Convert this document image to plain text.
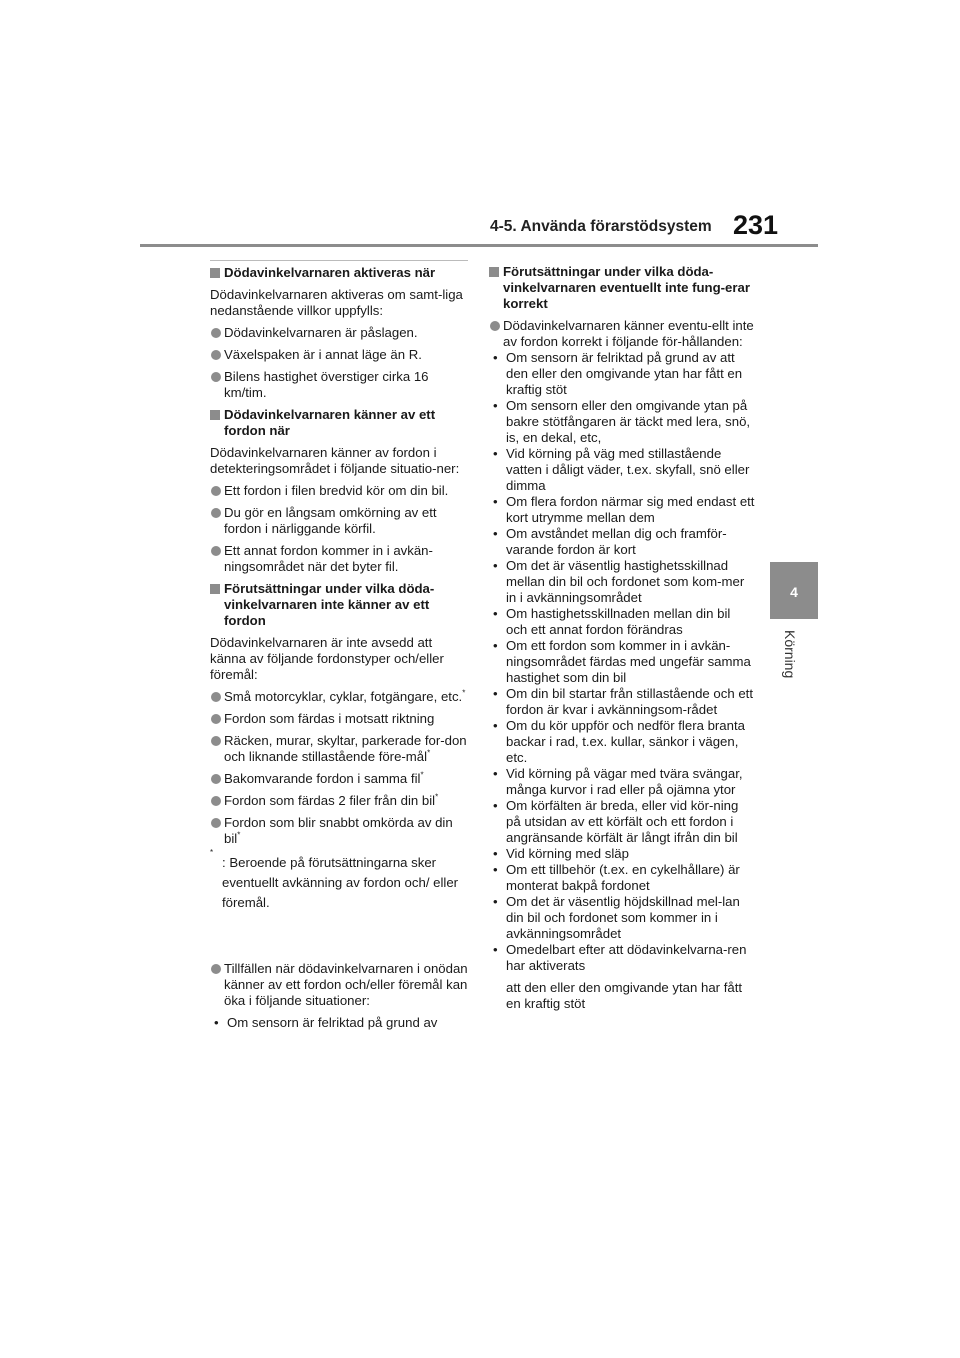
4-5. Använda förarstödsystem 231
4
Körning
Dödavinkelvarnaren aktiveras när

Dödavinkelvarnaren aktiveras om samt-liga nedanstående villkor uppfylls:

Dödavinkelvarnaren är påslagen.
Växelspaken är i annat läge än R.
Bilens hastighet överstiger cirka 16 km/tim.
Dödavinkelvarnaren känner av ett fordon när

Dödavinkelvarnaren känner av fordon i detekteringsområdet i följande situatio-ner:

Ett fordon i filen bredvid kör om din bil.
Du gör en långsam omkörning av ett fordon i närliggande körfil.
Ett annat fordon kommer in i avkän-ningsområdet när det byter fil.
Förutsättningar under vilka döda-vinkelvarnaren inte känner av ett fordon

Dödavinkelvarnaren är inte avsedd att känna av följande fordonstyper och/eller föremål:

Små motorcyklar, cyklar, fotgängare, etc.*
Fordon som färdas i motsatt riktning
Räcken, murar, skyltar, parkerade for-don och liknande stillastående före-mål*
Bakomvarande fordon i samma fil*
Fordon som färdas 2 filer från din bil*
Fordon som blir snabbt omkörda av din bil*
*
: Beroende på förutsättningarna sker eventuellt avkänning av fordon och/ eller föremål.
Tillfällen när dödavinkelvarnaren i onödan känner av ett fordon och/eller föremål kan öka i följande situationer:
• Om sensorn är felriktad på grund av
Förutsättningar under vilka döda-vinkelvarnaren eventuellt inte fung-erar korrekt
Dödavinkelvarnaren känner eventu-ellt inte av fordon korrekt i följande för-hållanden:
• Om sensorn är felriktad på grund av att den eller den omgivande ytan har fått en kraftig stöt
• Om sensorn eller den omgivande ytan på bakre stötfångaren är täckt med lera, snö, is, en dekal, etc,
• Vid körning på väg med stillastående vatten i dåligt väder, t.ex. skyfall, snö eller dimma
• Om flera fordon närmar sig med endast ett kort utrymme mellan dem
• Om avståndet mellan dig och framför-varande fordon är kort
• Om det är väsentlig hastighetsskillnad mellan din bil och fordonet som kom-mer in i avkänningsområdet
• Om hastighetsskillnaden mellan din bil och ett annat fordon förändras
• Om ett fordon som kommer in i avkän-ningsområdet färdas med ungefär samma hastighet som din bil
• Om din bil startar från stillastående och ett fordon är kvar i avkänningsom-rådet
• Om du kör uppför och nedför flera branta backar i rad, t.ex. kullar, sänkor i vägen, etc.
• Vid körning på vägar med tvära svängar, många kurvor i rad eller på ojämna ytor
• Om körfälten är breda, eller vid kör-ning på utsidan av ett körfält och ett fordon i angränsande körfält är långt ifrån din bil
• Vid körning med släp
• Om ett tillbehör (t.ex. en cykelhållare) är monterat bakpå fordonet
• Om det är väsentlig höjdskillnad mel-lan din bil och fordonet som kommer in i avkänningsområdet
• Omedelbart efter att dödavinkelvarna-ren har aktiverats
att den eller den omgivande ytan har fått en kraftig stöt
